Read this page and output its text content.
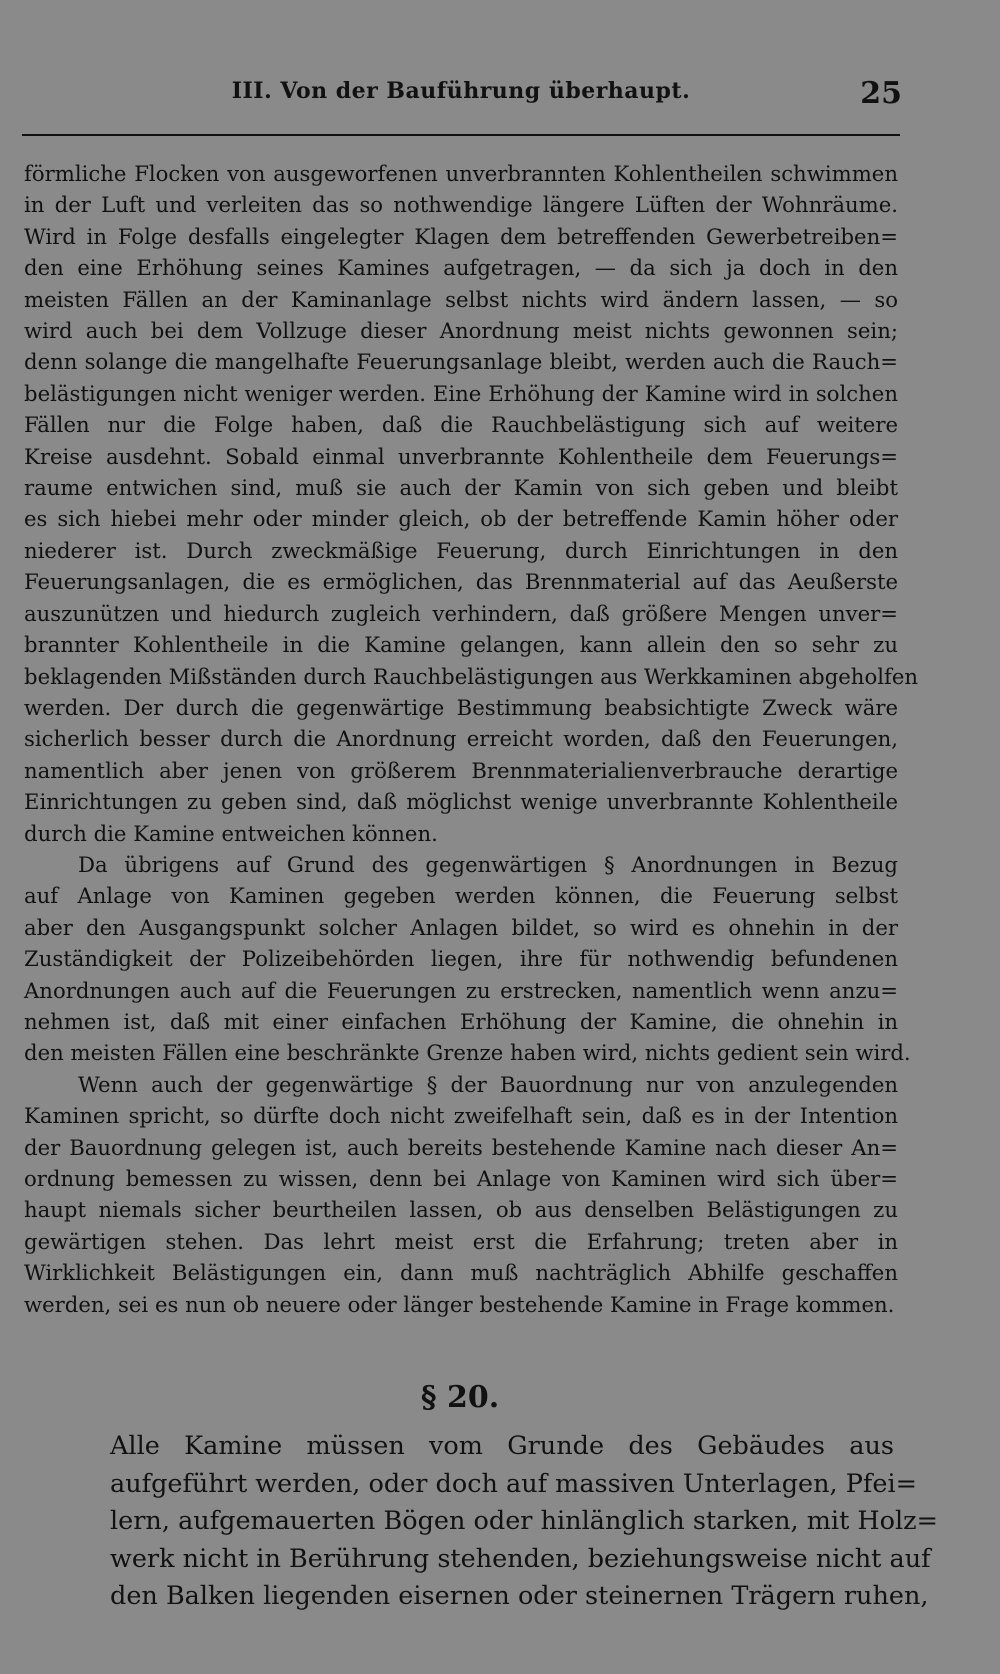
III. Von der Bauführung überhaupt.	25

förmliche Flocken von ausgeworfenen unverbrannten Kohlentheilen schwimmen
in der Luft und verleiten das so nothwendige längere Lüften der Wohnräume.
Wird in Folge desfalls eingelegter Klagen dem betreffenden Gewerbetreiben=
den eine Erhöhung seines Kamines aufgetragen, — da sich ja doch in den
meisten Fällen an der Kaminanlage selbst nichts wird ändern lassen, — so
wird auch bei dem Vollzuge dieser Anordnung meist nichts gewonnen sein;
denn solange die mangelhafte Feuerungsanlage bleibt, werden auch die Rauch=
belästigungen nicht weniger werden. Eine Erhöhung der Kamine wird in solchen
Fällen nur die Folge haben, daß die Rauchbelästigung sich auf weitere
Kreise ausdehnt. Sobald einmal unverbrannte Kohlentheile dem Feuerungs=
raume entwichen sind, muß sie auch der Kamin von sich geben und bleibt
es sich hiebei mehr oder minder gleich, ob der betreffende Kamin höher oder
niederer ist. Durch zweckmäßige Feuerung, durch Einrichtungen in den
Feuerungsanlagen, die es ermöglichen, das Brennmaterial auf das Aeußerste
auszunützen und hiedurch zugleich verhindern, daß größere Mengen unver=
brannter Kohlentheile in die Kamine gelangen, kann allein den so sehr zu
beklagenden Mißständen durch Rauchbelästigungen aus Werkkaminen abgeholfen
werden. Der durch die gegenwärtige Bestimmung beabsichtigte Zweck wäre
sicherlich besser durch die Anordnung erreicht worden, daß den Feuerungen,
namentlich aber jenen von größerem Brennmaterialienverbrauche derartige
Einrichtungen zu geben sind, daß möglichst wenige unverbrannte Kohlentheile
durch die Kamine entweichen können.

Da übrigens auf Grund des gegenwärtigen § Anordnungen in Bezug
auf Anlage von Kaminen gegeben werden können, die Feuerung selbst
aber den Ausgangspunkt solcher Anlagen bildet, so wird es ohnehin in der
Zuständigkeit der Polizeibehörden liegen, ihre für nothwendig befundenen
Anordnungen auch auf die Feuerungen zu erstrecken, namentlich wenn anzu=
nehmen ist, daß mit einer einfachen Erhöhung der Kamine, die ohnehin in
den meisten Fällen eine beschränkte Grenze haben wird, nichts gedient sein wird.

Wenn auch der gegenwärtige § der Bauordnung nur von anzulegenden
Kaminen spricht, so dürfte doch nicht zweifelhaft sein, daß es in der Intention
der Bauordnung gelegen ist, auch bereits bestehende Kamine nach dieser An=
ordnung bemessen zu wissen, denn bei Anlage von Kaminen wird sich über=
haupt niemals sicher beurtheilen lassen, ob aus denselben Belästigungen zu
gewärtigen stehen. Das lehrt meist erst die Erfahrung; treten aber in
Wirklichkeit Belästigungen ein, dann muß nachträglich Abhilfe geschaffen
werden, sei es nun ob neuere oder länger bestehende Kamine in Frage kommen.

§ 20.

Alle Kamine müssen vom Grunde des Gebäudes aus
aufgeführt werden, oder doch auf massiven Unterlagen, Pfei=
lern, aufgemauerten Bögen oder hinlänglich starken, mit Holz=
werk nicht in Berührung stehenden, beziehungsweise nicht auf
den Balken liegenden eisernen oder steinernen Trägern ruhen,
